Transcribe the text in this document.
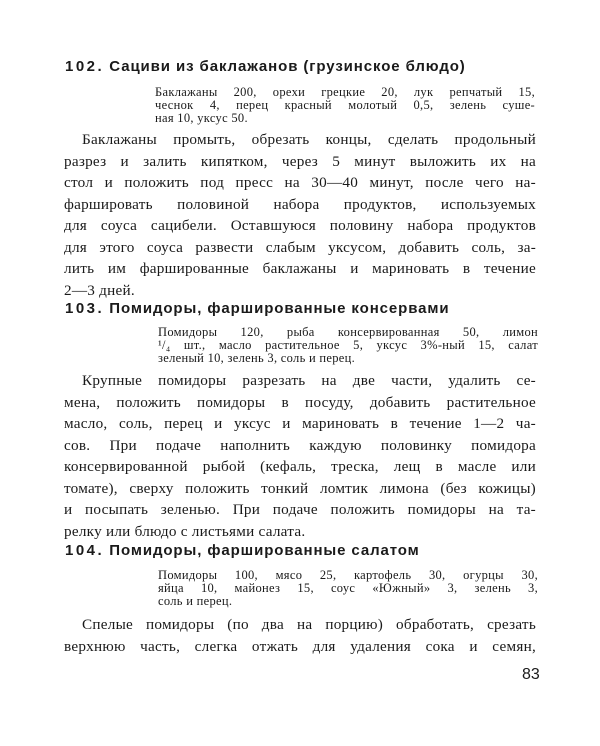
102. Сациви из баклажанов (грузинское блюдо)
Баклажаны 200, орехи грецкие 20, лук репчатый 15,
чеснок 4, перец красный молотый 0,5, зелень суше-
ная 10, уксус 50.
Баклажаны промыть, обрезать концы, сделать продольный
разрез и залить кипятком, через 5 минут выложить их на
стол и положить под пресс на 30—40 минут, после чего на-
фаршировать половиной набора продуктов, используемых
для соуса сацибели. Оставшуюся половину набора продуктов
для этого соуса развести слабым уксусом, добавить соль, за-
лить им фаршированные баклажаны и мариновать в течение
2—3 дней.
103. Помидоры, фаршированные консервами
Помидоры 120, рыба консервированная 50, лимон
¹/₄ шт., масло растительное 5, уксус 3%-ный 15, салат
зеленый 10, зелень 3, соль и перец.
Крупные помидоры разрезать на две части, удалить се-
мена, положить помидоры в посуду, добавить растительное
масло, соль, перец и уксус и мариновать в течение 1—2 ча-
сов. При подаче наполнить каждую половинку помидора
консервированной рыбой (кефаль, треска, лещ в масле или
томате), сверху положить тонкий ломтик лимона (без кожицы)
и посыпать зеленью. При подаче положить помидоры на та-
релку или блюдо с листьями салата.
104. Помидоры, фаршированные салатом
Помидоры 100, мясо 25, картофель 30, огурцы 30,
яйца 10, майонез 15, соус «Южный» 3, зелень 3,
соль и перец.
Спелые помидоры (по два на порцию) обработать, срезать
верхнюю часть, слегка отжать для удаления сока и семян,
83
